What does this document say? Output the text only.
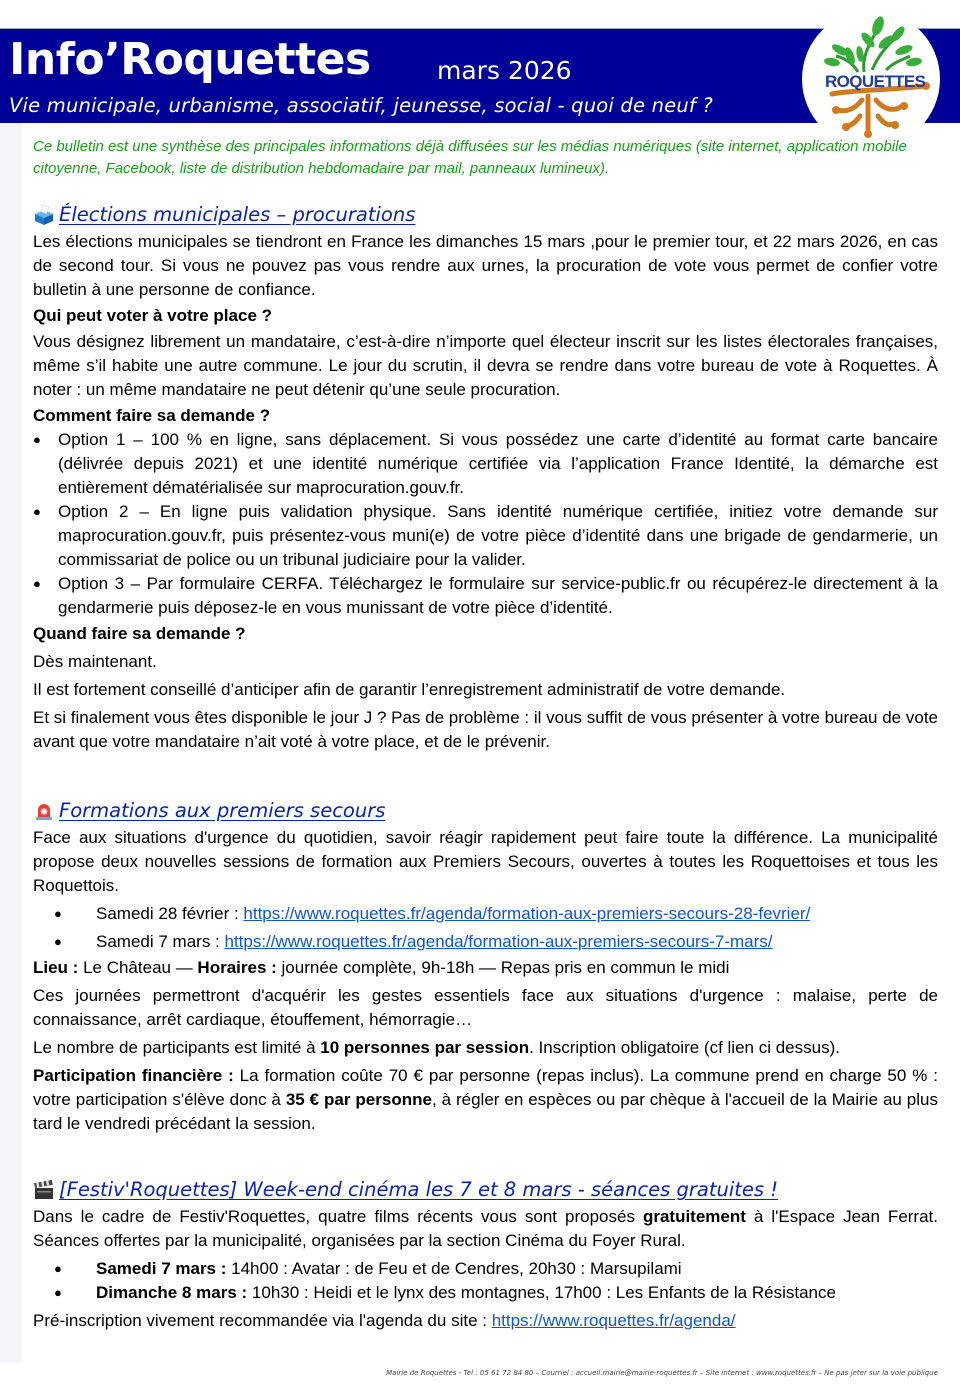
Info’Roquettes	mars 2026
Vie municipale, urbanisme, associatif, jeunesse, social - quoi de neuf ?
ROQUETTES
Ce bulletin est une synthèse des principales informations déjà diffusées sur les médias numériques (site internet, application mobile citoyenne, Facebook, liste de distribution hebdomadaire par mail, panneaux lumineux).
Élections municipales – procurations
Les élections municipales se tiendront en France les dimanches 15 mars ,pour le premier tour, et 22 mars 2026, en cas de second tour. Si vous ne pouvez pas vous rendre aux urnes, la procuration de vote vous permet de confier votre bulletin à une personne de confiance.
Qui peut voter à votre place ?
Vous désignez librement un mandataire, c’est-à-dire n’importe quel électeur inscrit sur les listes électorales françaises, même s’il habite une autre commune. Le jour du scrutin, il devra se rendre dans votre bureau de vote à Roquettes. À noter : un même mandataire ne peut détenir qu’une seule procuration.
Comment faire sa demande ?
● Option 1 – 100 % en ligne, sans déplacement. Si vous possédez une carte d’identité au format carte bancaire (délivrée depuis 2021) et une identité numérique certifiée via l’application France Identité, la démarche est entièrement dématérialisée sur maprocuration.gouv.fr.
● Option 2 – En ligne puis validation physique. Sans identité numérique certifiée, initiez votre demande sur maprocuration.gouv.fr, puis présentez-vous muni(e) de votre pièce d’identité dans une brigade de gendarmerie, un commissariat de police ou un tribunal judiciaire pour la valider.
● Option 3 – Par formulaire CERFA. Téléchargez le formulaire sur service-public.fr ou récupérez-le directement à la gendarmerie puis déposez-le en vous munissant de votre pièce d’identité.
Quand faire sa demande ?
Dès maintenant.
Il est fortement conseillé d’anticiper afin de garantir l’enregistrement administratif de votre demande.
Et si finalement vous êtes disponible le jour J ? Pas de problème : il vous suffit de vous présenter à votre bureau de vote avant que votre mandataire n’ait voté à votre place, et de le prévenir.
Formations aux premiers secours
Face aux situations d'urgence du quotidien, savoir réagir rapidement peut faire toute la différence. La municipalité propose deux nouvelles sessions de formation aux Premiers Secours, ouvertes à toutes les Roquettoises et tous les Roquettois.
● Samedi 28 février : https://www.roquettes.fr/agenda/formation-aux-premiers-secours-28-fevrier/
● Samedi 7 mars : https://www.roquettes.fr/agenda/formation-aux-premiers-secours-7-mars/
Lieu : Le Château — Horaires : journée complète, 9h-18h — Repas pris en commun le midi
Ces journées permettront d'acquérir les gestes essentiels face aux situations d'urgence : malaise, perte de connaissance, arrêt cardiaque, étouffement, hémorragie…
Le nombre de participants est limité à 10 personnes par session. Inscription obligatoire (cf lien ci dessus).
Participation financière : La formation coûte 70 € par personne (repas inclus). La commune prend en charge 50 % : votre participation s'élève donc à 35 € par personne, à régler en espèces ou par chèque à l'accueil de la Mairie au plus tard le vendredi précédant la session.
[Festiv'Roquettes] Week-end cinéma les 7 et 8 mars - séances gratuites !
Dans le cadre de Festiv'Roquettes, quatre films récents vous sont proposés gratuitement à l'Espace Jean Ferrat. Séances offertes par la municipalité, organisées par la section Cinéma du Foyer Rural.
● Samedi 7 mars : 14h00 : Avatar : de Feu et de Cendres, 20h30 : Marsupilami
● Dimanche 8 mars : 10h30 : Heidi et le lynx des montagnes, 17h00 : Les Enfants de la Résistance
Pré-inscription vivement recommandée via l'agenda du site : https://www.roquettes.fr/agenda/
Mairie de Roquettes - Tel : 05 61 72 84 80 – Courriel : accueil.mairie@mairie-roquettes.fr – Site internet : www.roquettes.fr – Ne pas jeter sur la voie publique
